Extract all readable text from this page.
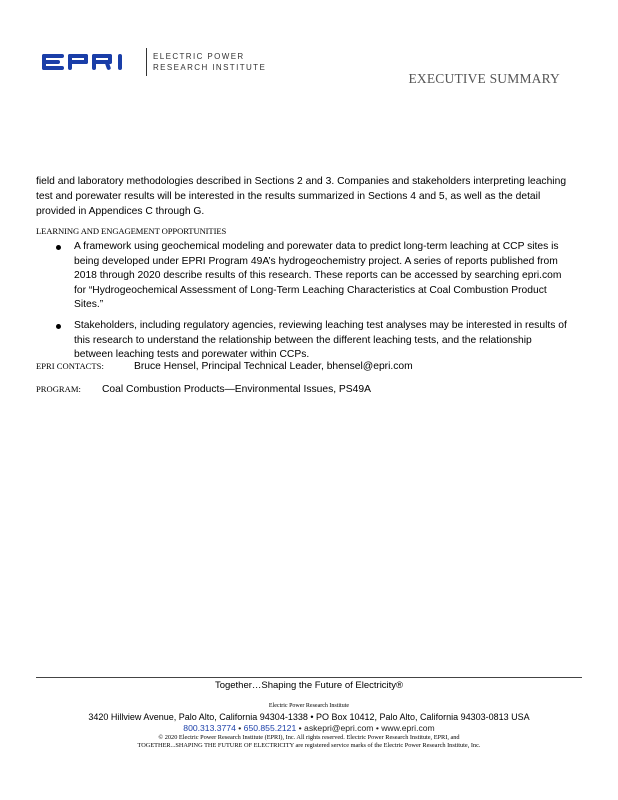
ELECTRIC POWER
RESEARCH INSTITUTE
EXECUTIVE SUMMARY
field and laboratory methodologies described in Sections 2 and 3. Companies and stakeholders interpreting leaching test and porewater results will be interested in the results summarized in Sections 4 and 5, as well as the detail provided in Appendices C through G.
LEARNING AND ENGAGEMENT OPPORTUNITIES
A framework using geochemical modeling and porewater data to predict long-term leaching at CCP sites is being developed under EPRI Program 49A’s hydrogeochemistry project. A series of reports published from 2018 through 2020 describe results of this research. These reports can be accessed by searching epri.com for “Hydrogeochemical Assessment of Long-Term Leaching Characteristics at Coal Combustion Product Sites.”
Stakeholders, including regulatory agencies, reviewing leaching test analyses may be interested in results of this research to understand the relationship between the different leaching tests, and the relationship between leaching tests and porewater within CCPs.
EPRI CONTACTS:	Bruce Hensel, Principal Technical Leader, bhensel@epri.com
PROGRAM: Coal Combustion Products—Environmental Issues, PS49A
Together…Shaping the Future of Electricity®
Electric Power Research Institute
3420 Hillview Avenue, Palo Alto, California 94304-1338 • PO Box 10412, Palo Alto, California 94303-0813 USA
800.313.3774 • 650.855.2121 • askepri@epri.com • www.epri.com
© 2020 Electric Power Research Institute (EPRI), Inc. All rights reserved. Electric Power Research Institute, EPRI, and
TOGETHER...SHAPING THE FUTURE OF ELECTRICITY are registered service marks of the Electric Power Research Institute, Inc.
